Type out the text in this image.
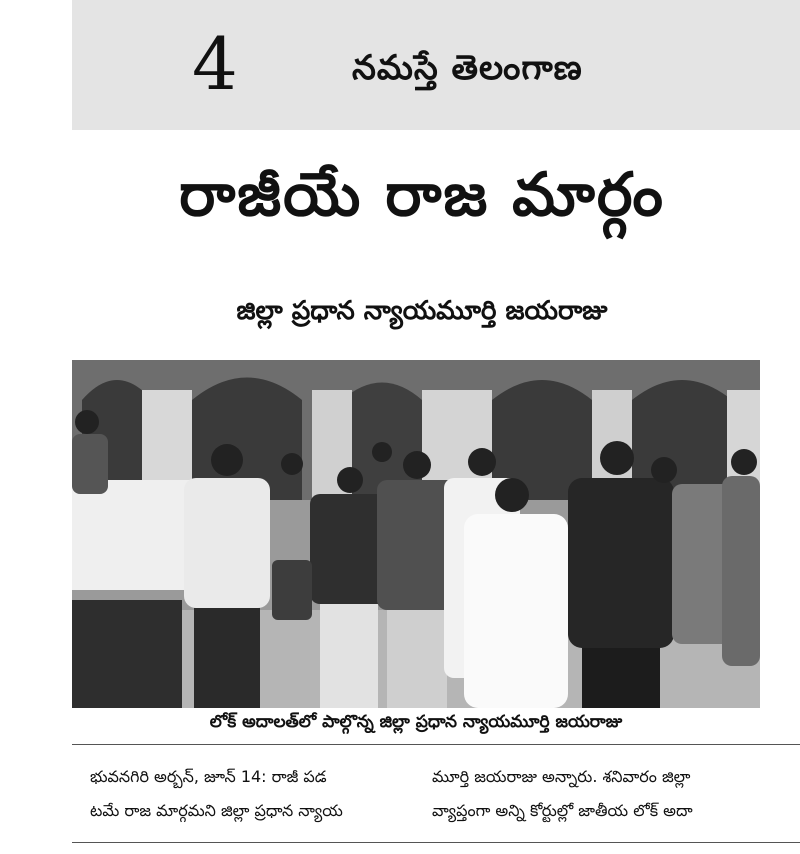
4	నమస్తే తెలంగాణ
రాజీయే రాజ మార్గం
జిల్లా ప్రధాన న్యాయమూర్తి జయరాజు
లోక్ అదాలత్‌లో పాల్గొన్న జిల్లా ప్రధాన న్యాయమూర్తి జయరాజు
భువనగిరి అర్బన్, జూన్ 14: రాజీ పడ
టమే రాజ మార్గమని జిల్లా ప్రధాన న్యాయ
మూర్తి జయరాజు అన్నారు. శనివారం జిల్లా
వ్యాప్తంగా అన్ని కోర్టుల్లో జాతీయ లోక్ అదా
